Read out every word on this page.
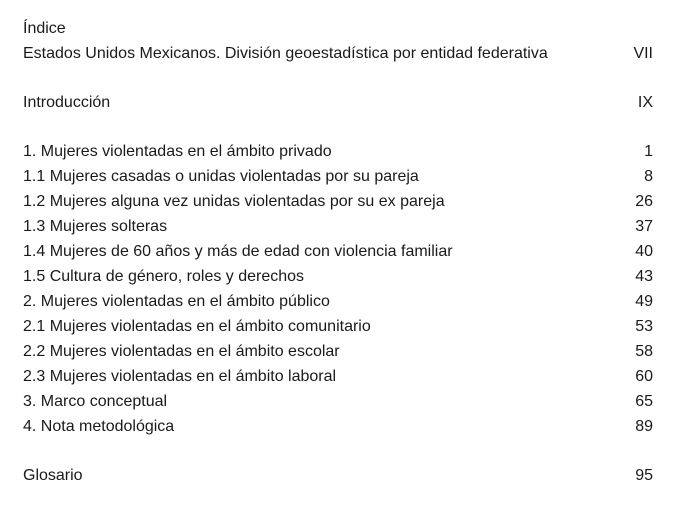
Índice
Estados Unidos Mexicanos. División geoestadística por entidad federativa	VII
Introducción	IX
1. Mujeres violentadas en el ámbito privado	1
1.1 Mujeres casadas o unidas violentadas por su pareja	8
1.2 Mujeres alguna vez unidas violentadas por su ex pareja	26
1.3 Mujeres solteras	37
1.4 Mujeres de 60 años y más de edad con violencia familiar	40
1.5 Cultura de género, roles y derechos	43
2. Mujeres violentadas en el ámbito público	49
2.1 Mujeres violentadas en el ámbito comunitario	53
2.2 Mujeres violentadas en el ámbito escolar	58
2.3 Mujeres violentadas en el ámbito laboral	60
3. Marco conceptual	65
4. Nota metodológica	89
Glosario	95
